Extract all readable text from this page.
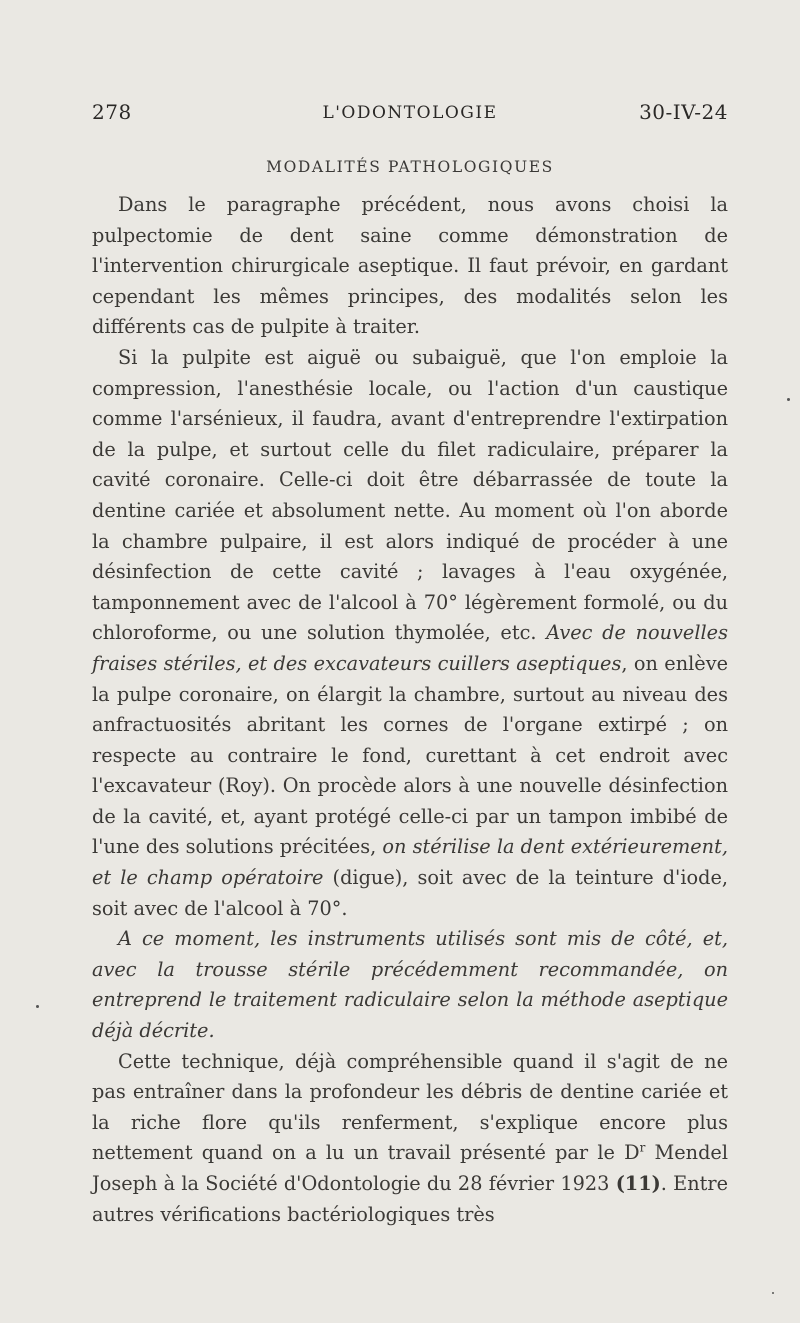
278	L'ODONTOLOGIE	30-IV-24
MODALITÉS PATHOLOGIQUES

Dans le paragraphe précédent, nous avons choisi la pulpectomie de dent saine comme démonstration de l'intervention chirurgicale aseptique. Il faut prévoir, en gardant cependant les mêmes principes, des modalités selon les différents cas de pulpite à traiter.

Si la pulpite est aiguë ou subaiguë, que l'on emploie la compression, l'anesthésie locale, ou l'action d'un caustique comme l'arsénieux, il faudra, avant d'entreprendre l'extirpation de la pulpe, et surtout celle du filet radiculaire, préparer la cavité coronaire. Celle-ci doit être débarrassée de toute la dentine cariée et absolument nette. Au moment où l'on aborde la chambre pulpaire, il est alors indiqué de procéder à une désinfection de cette cavité ; lavages à l'eau oxygénée, tamponnement avec de l'alcool à 70° légèrement formolé, ou du chloroforme, ou une solution thymolée, etc. Avec de nouvelles fraises stériles, et des excavateurs cuillers aseptiques, on enlève la pulpe coronaire, on élargit la chambre, surtout au niveau des anfractuosités abritant les cornes de l'organe extirpé ; on respecte au contraire le fond, curettant à cet endroit avec l'excavateur (Roy). On procède alors à une nouvelle désinfection de la cavité, et, ayant protégé celle-ci par un tampon imbibé de l'une des solutions précitées, on stérilise la dent extérieurement, et le champ opératoire (digue), soit avec de la teinture d'iode, soit avec de l'alcool à 70°.

A ce moment, les instruments utilisés sont mis de côté, et, avec la trousse stérile précédemment recommandée, on entreprend le traitement radiculaire selon la méthode aseptique déjà décrite.

Cette technique, déjà compréhensible quand il s'agit de ne pas entraîner dans la profondeur les débris de dentine cariée et la riche flore qu'ils renferment, s'explique encore plus nettement quand on a lu un travail présenté par le $D^r$ Mendel Joseph à la Société d'Odontologie du 28 février 1923 (11). Entre autres vérifications bactériologiques très
